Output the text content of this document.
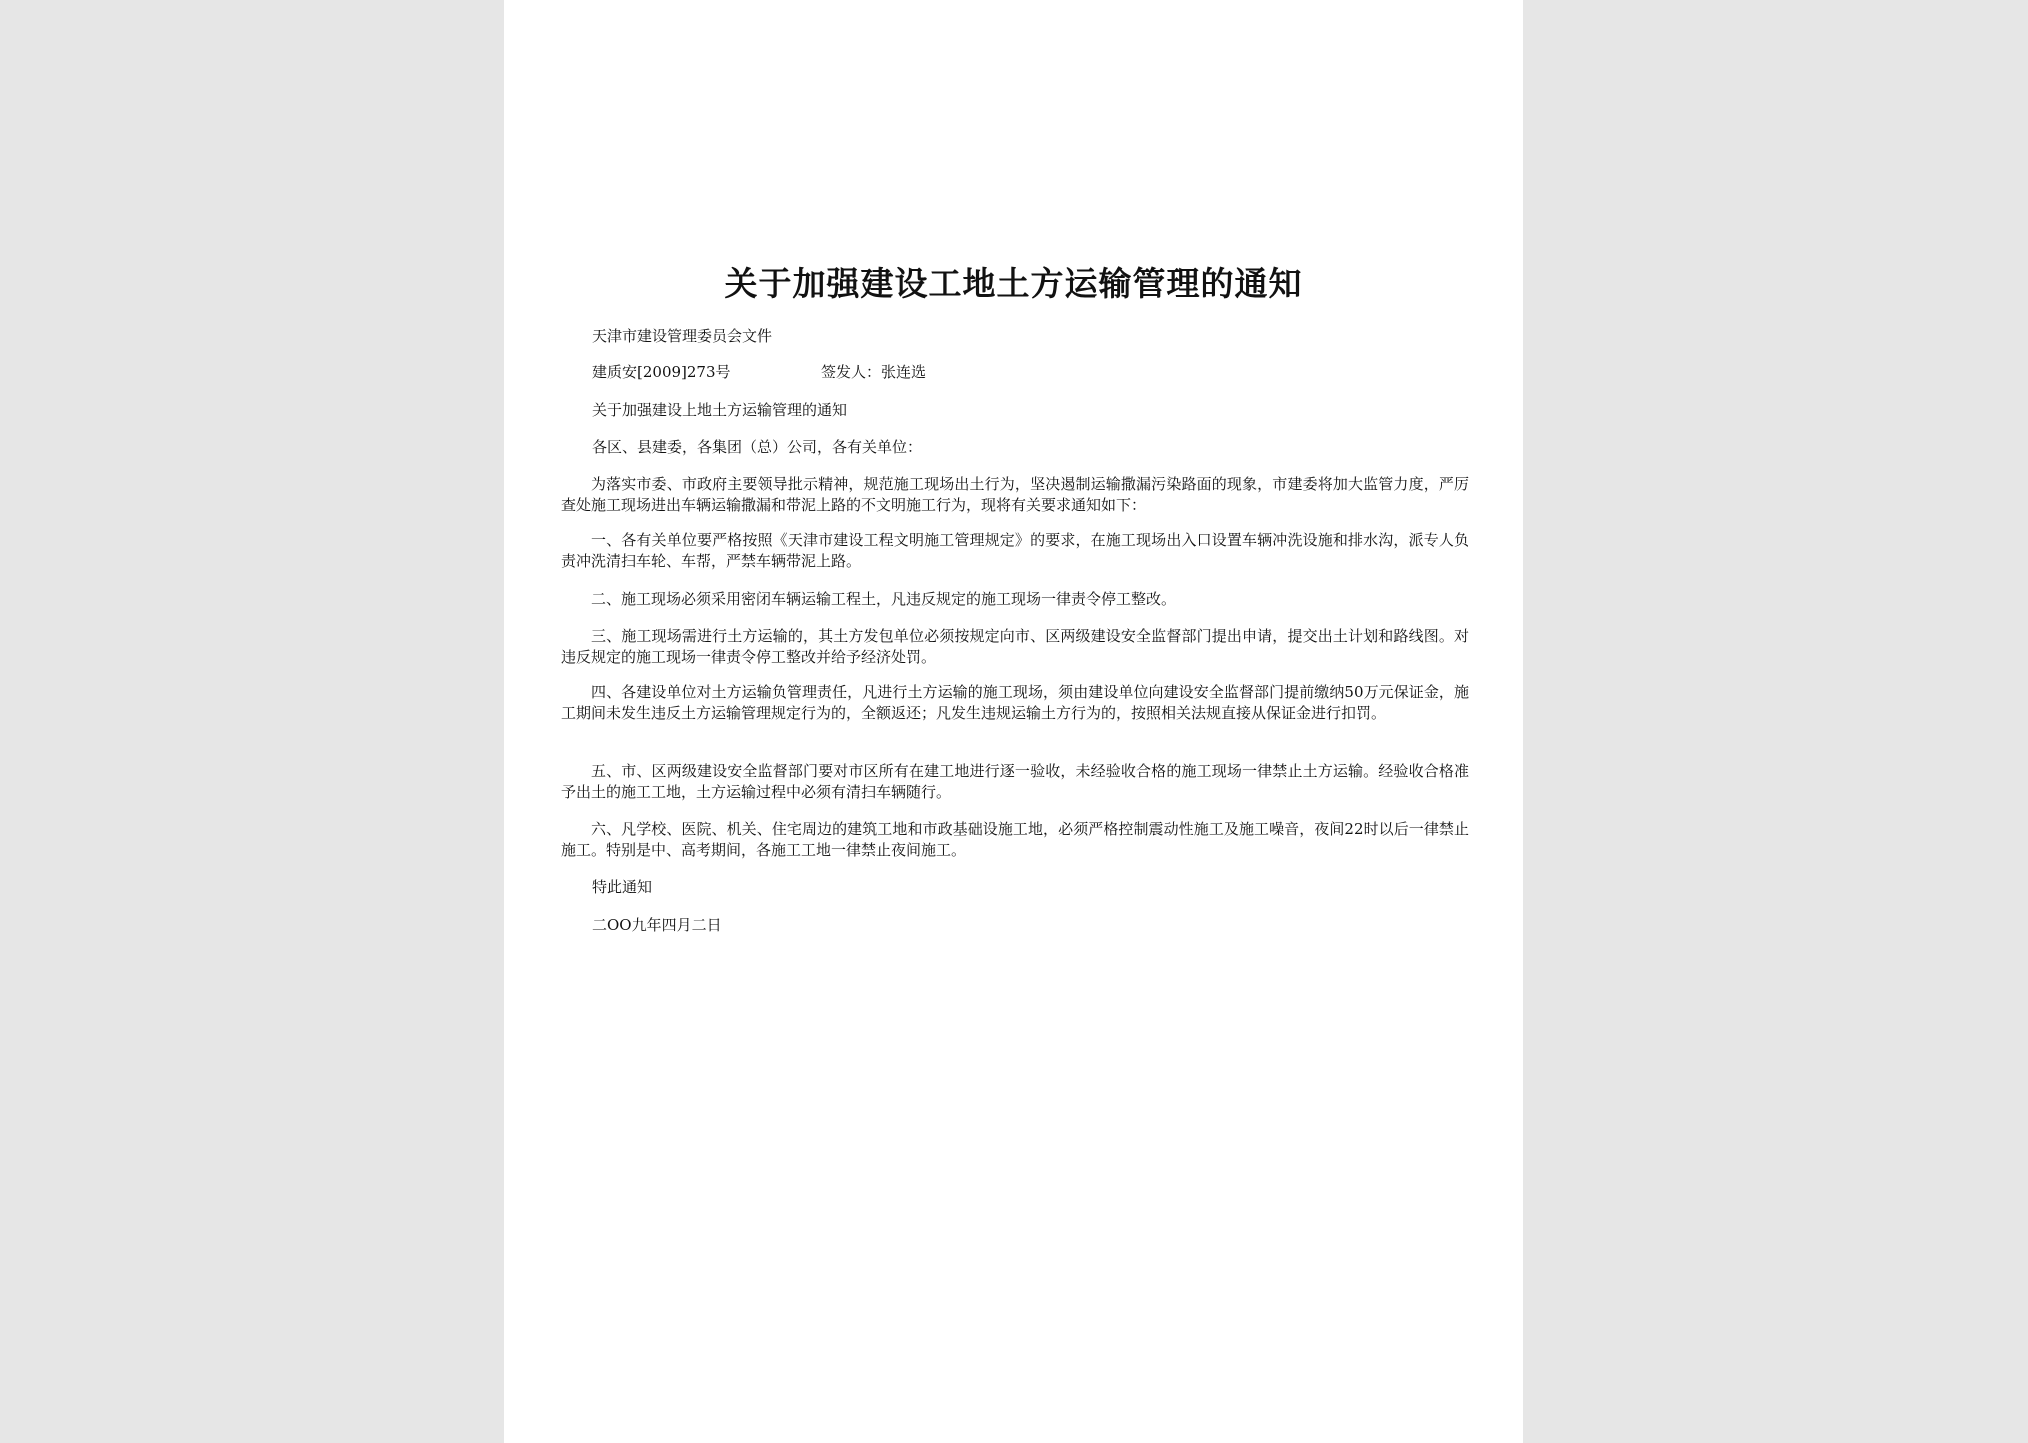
关于加强建设工地土方运输管理的通知
天津市建设管理委员会文件
建质安[2009]273号	签发人：张连选
关于加强建设上地土方运输管理的通知
各区、县建委，各集团（总）公司，各有关单位：
为落实市委、市政府主要领导批示精神，规范施工现场出土行为，坚决遏制运输撒漏污染路面的现象，市建委将加大监管力度，严厉查处施工现场进出车辆运输撒漏和带泥上路的不文明施工行为，现将有关要求通知如下：
一、各有关单位要严格按照《天津市建设工程文明施工管理规定》的要求，在施工现场出入口设置车辆冲洗设施和排水沟，派专人负责冲洗清扫车轮、车帮，严禁车辆带泥上路。
二、施工现场必须采用密闭车辆运输工程土，凡违反规定的施工现场一律责令停工整改。
三、施工现场需进行土方运输的，其土方发包单位必须按规定向市、区两级建设安全监督部门提出申请，提交出土计划和路线图。对违反规定的施工现场一律责令停工整改并给予经济处罚。
四、各建设单位对土方运输负管理责任，凡进行土方运输的施工现场，须由建设单位向建设安全监督部门提前缴纳50万元保证金，施工期间未发生违反土方运输管理规定行为的，全额返还；凡发生违规运输土方行为的，按照相关法规直接从保证金进行扣罚。
五、市、区两级建设安全监督部门要对市区所有在建工地进行逐一验收，未经验收合格的施工现场一律禁止土方运输。经验收合格准予出土的施工工地，土方运输过程中必须有清扫车辆随行。
六、凡学校、医院、机关、住宅周边的建筑工地和市政基础设施工地，必须严格控制震动性施工及施工噪音，夜间22时以后一律禁止施工。特别是中、高考期间，各施工工地一律禁止夜间施工。
特此通知
二OO九年四月二日
